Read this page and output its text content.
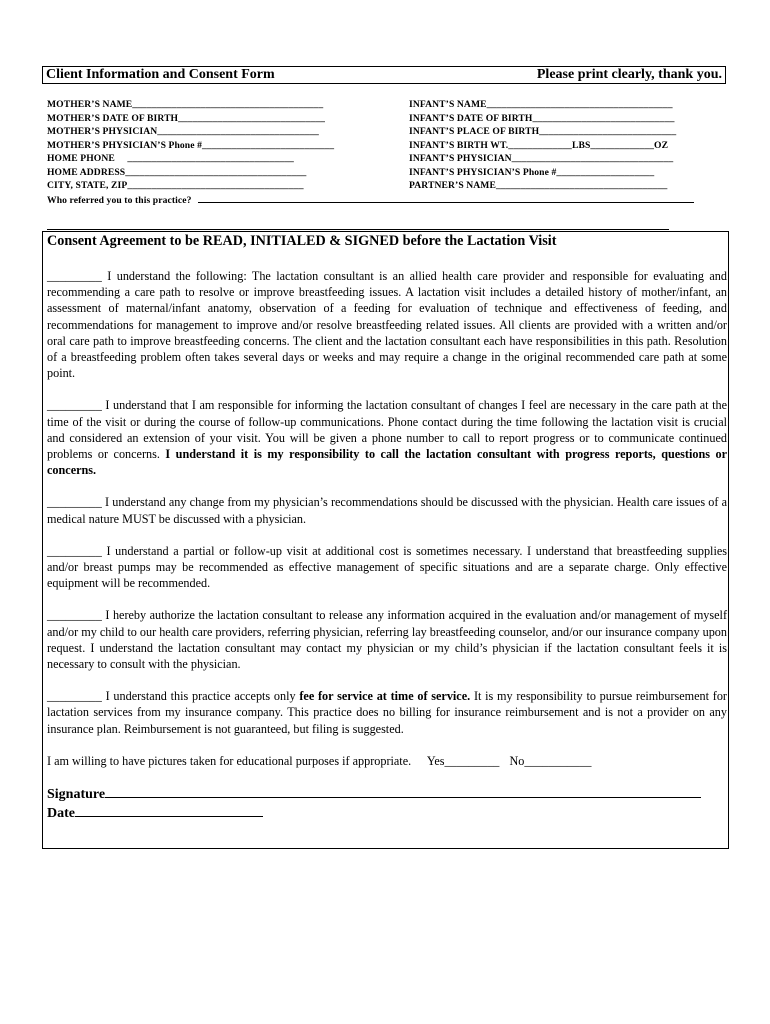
Client Information and Consent Form	Please print clearly, thank you.
MOTHER’S NAME_______________________________________	INFANT’S NAME______________________________________
MOTHER’S DATE OF BIRTH______________________________	INFANT’S DATE OF BIRTH_____________________________
MOTHER’S PHYSICIAN_________________________________	INFANT’S PLACE OF BIRTH____________________________
MOTHER’S PHYSICIAN’S Phone #___________________________	INFANT’S BIRTH WT._____________LBS_____________OZ
HOME PHONE     __________________________________	INFANT’S PHYSICIAN_________________________________
HOME ADDRESS_____________________________________	INFANT’S PHYSICIAN’S Phone #____________________
CITY, STATE, ZIP____________________________________	PARTNER’S NAME___________________________________
Who referred you to this practice?
Consent Agreement to be READ, INITIALED & SIGNED before the Lactation Visit

_________ I understand the following: The lactation consultant is an allied health care provider and responsible for evaluating and recommending a care path to resolve or improve breastfeeding issues. A lactation visit includes a detailed history of mother/infant, an assessment of maternal/infant anatomy, observation of a feeding for evaluation of technique and effectiveness of feeding, and recommendations for management to improve and/or resolve breastfeeding related issues. All clients are provided with a written and/or oral care path to improve breastfeeding concerns. The client and the lactation consultant each have responsibilities in this path. Resolution of a breastfeeding problem often takes several days or weeks and may require a change in the original recommended care path at some point.

_________ I understand that I am responsible for informing the lactation consultant of changes I feel are necessary in the care path at the time of the visit or during the course of follow-up communications. Phone contact during the time following the lactation visit is crucial and considered an extension of your visit. You will be given a phone number to call to report progress or to communicate continued problems or concerns. I understand it is my responsibility to call the lactation consultant with progress reports, questions or concerns.

_________ I understand any change from my physician’s recommendations should be discussed with the physician. Health care issues of a medical nature MUST be discussed with a physician.

_________ I understand a partial or follow-up visit at additional cost is sometimes necessary. I understand that breastfeeding supplies and/or breast pumps may be recommended as effective management of specific situations and are a separate charge. Only effective equipment will be recommended.

_________ I hereby authorize the lactation consultant to release any information acquired in the evaluation and/or management of myself and/or my child to our health care providers, referring physician, referring lay breastfeeding counselor, and/or our insurance company upon request. I understand the lactation consultant may contact my physician or my child’s physician if the lactation consultant feels it is necessary to consult with the physician.

_________ I understand this practice accepts only fee for service at time of service. It is my responsibility to pursue reimbursement for lactation services from my insurance company. This practice does no billing for insurance reimbursement and is not a provider on any insurance plan. Reimbursement is not guaranteed, but filing is suggested.

I am willing to have pictures taken for educational purposes if appropriate. Yes_________ No___________
Signature
Date
